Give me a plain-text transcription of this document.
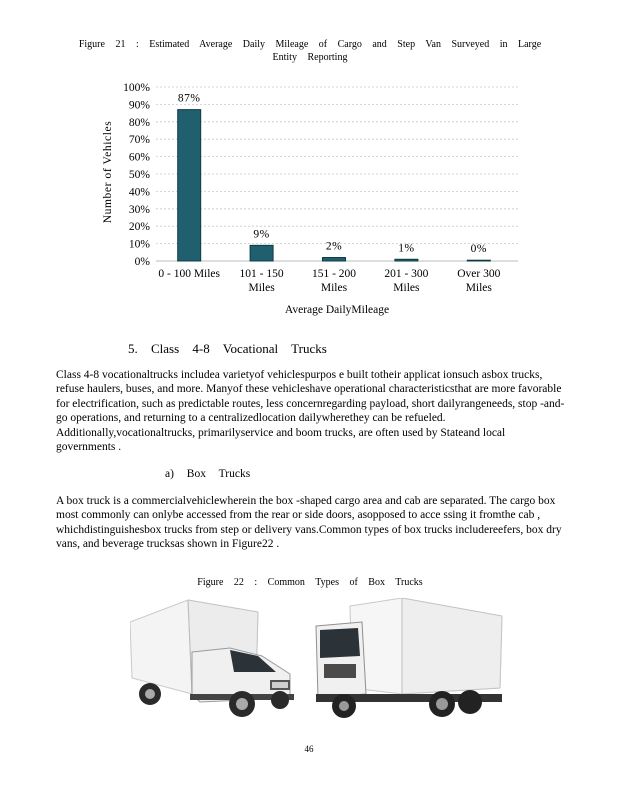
Figure 21 : Estimated Average Daily Mileage of Cargo and Step Van Surveyed in Large
Entity Reporting
0%
10%
20%
30%
40%
50%
60%
70%
80%
90%
100%
87%
0 - 100 Miles
9%
101 - 150
Miles
2%
151 - 200
Miles
1%
201 - 300
Miles
0%
Over 300
Miles
Average DailyMileage
Number of Vehicles
5. Class 4-8 Vocational Trucks
Class 4-8 vocationaltrucks includea varietyof vehiclespurpos e built totheir applicat ionsuch asbox trucks, refuse haulers, buses, and more. Manyof these vehicleshave operational characteristicsthat are more favorable for electrification, such as predictable routes, less concernregarding payload, short dailyrangeneeds, stop -and-go operations, and returning to a centralizedlocation dailywherethey can be refueled. Additionally,vocationaltrucks, primarilyservice and boom trucks, are often used by Stateand local governments .
a) Box Trucks
A box truck is a commercialvehiclewherein the box -shaped cargo area and cab are separated. The cargo box most commonly can onlybe accessed from the rear or side doors, asopposed to acce ssing it fromthe cab , whichdistinguishesbox trucks from step or delivery vans.Common types of box trucks includereefers, box dry vans, and beverage trucksas shown in Figure22 .
Figure 22 : Common Types of Box Trucks
46
